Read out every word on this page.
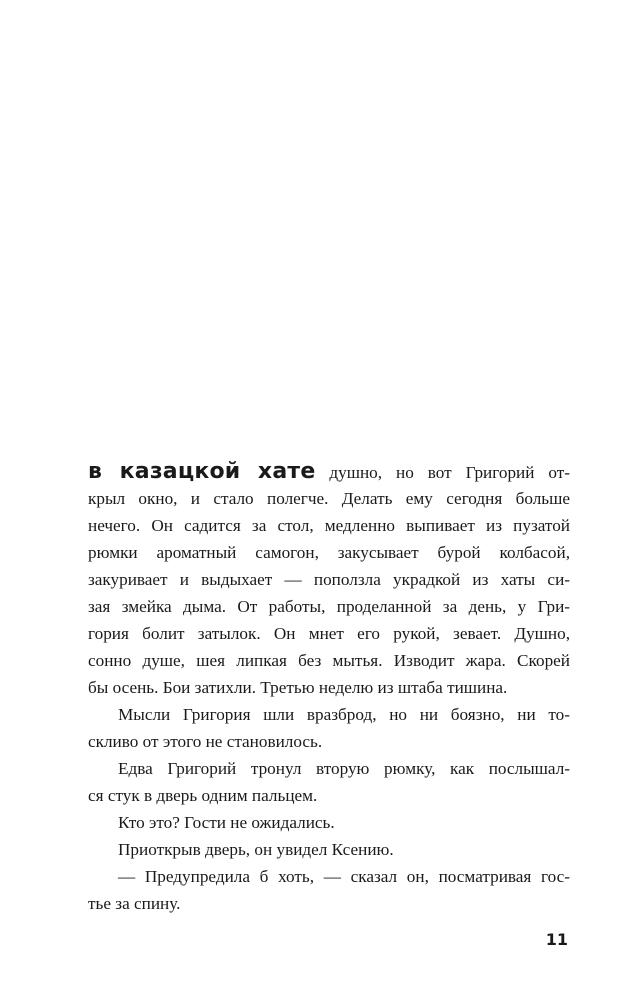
в казацкой хате душно, но вот Григорий от-
крыл окно, и стало полегче. Делать ему сегодня больше
нечего. Он садится за стол, медленно выпивает из пузатой
рюмки ароматный самогон, закусывает бурой колбасой,
закуривает и выдыхает — поползла украдкой из хаты си-
зая змейка дыма. От работы, проделанной за день, у Гри-
гория болит затылок. Он мнет его рукой, зевает. Душно,
сонно душе, шея липкая без мытья. Изводит жара. Скорей
бы осень. Бои затихли. Третью неделю из штаба тишина.
Мысли Григория шли вразброд, но ни боязно, ни то-
скливо от этого не становилось.
Едва Григорий тронул вторую рюмку, как послышал-
ся стук в дверь одним пальцем.
Кто это? Гости не ожидались.
Приоткрыв дверь, он увидел Ксению.
— Предупредила б хоть, — сказал он, посматривая гос-
тье за спину.
11
